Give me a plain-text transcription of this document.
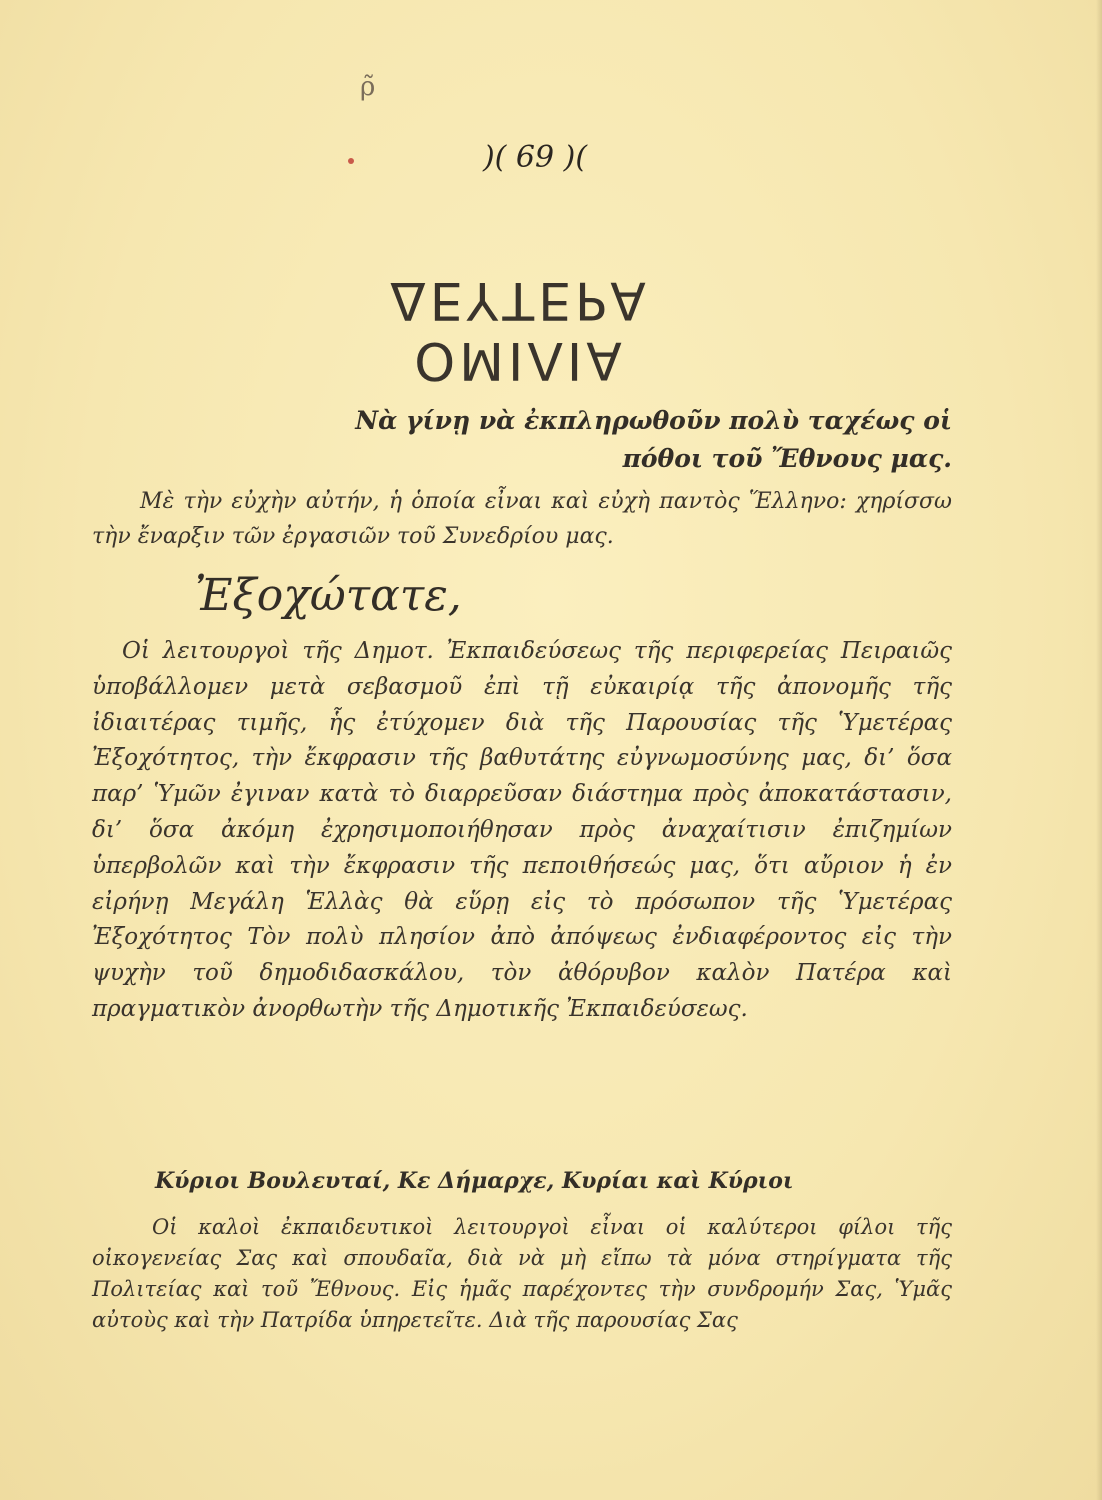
ρ̃
)( 69 )(
ΟΜΙΛΙΑ ΔΕΥΤΕΡΑ
Νὰ γίνῃ νὰ ἐκπληρωθοῦν πολὺ ταχέως οἱ πόθοι τοῦ Ἔθνους μας.
Μὲ τὴν εὐχὴν αὐτήν, ἡ ὁποία εἶναι καὶ εὐχὴ παντὸς Ἕλληνο: χηρίσσω τὴν ἔναρξιν τῶν ἐργασιῶν τοῦ Συνεδρίου μας.
Ἐξοχώτατε,
Οἱ λειτουργοὶ τῆς Δημοτ. Ἐκπαιδεύσεως τῆς περιφερείας Πειραιῶς ὑποβάλλομεν μετὰ σεβασμοῦ ἐπὶ τῇ εὐκαιρίᾳ τῆς ἀπονομῆς τῆς ἰδιαιτέρας τιμῆς, ἧς ἐτύχομεν διὰ τῆς Παρουσίας τῆς Ὑμετέρας Ἐξοχότητος, τὴν ἔκφρασιν τῆς βαθυτάτης εὐγνωμοσύνης μας, δι’ ὅσα παρ’ Ὑμῶν ἐγιναν κατὰ τὸ διαρρεῦσαν διάστημα πρὸς ἀποκατάστασιν, δι’ ὅσα ἀκόμη ἐχρησιμοποιήθησαν πρὸς ἀναχαίτισιν ἐπιζημίων ὑπερβολῶν καὶ τὴν ἔκφρασιν τῆς πεποιθήσεώς μας, ὅτι αὔριον ἡ ἐν εἰρήνῃ Μεγάλη Ἑλλὰς θὰ εὕρῃ εἰς τὸ πρόσωπον τῆς Ὑμετέρας Ἐξοχότητος Τὸν πολὺ πλησίον ἀπὸ ἀπόψεως ἐνδιαφέροντος εἰς τὴν ψυχὴν τοῦ δημοδιδασκάλου, τὸν ἀθόρυβον καλὸν Πατέρα καὶ πραγματικὸν ἀνορθωτὴν τῆς Δημοτικῆς Ἐκπαιδεύσεως.
Κύριοι Βουλευταί, Κε Δήμαρχε, Κυρίαι καὶ Κύριοι
Οἱ καλοὶ ἐκπαιδευτικοὶ λειτουργοὶ εἶναι οἱ καλύτεροι φίλοι τῆς οἰκογενείας Σας καὶ σπουδαῖα, διὰ νὰ μὴ εἴπω τὰ μόνα στηρίγματα τῆς Πολιτείας καὶ τοῦ Ἔθνους. Εἰς ἡμᾶς παρέχοντες τὴν συνδρομήν Σας, Ὑμᾶς αὐτοὺς καὶ τὴν Πατρίδα ὑπηρετεῖτε. Διὰ τῆς παρουσίας Σας
